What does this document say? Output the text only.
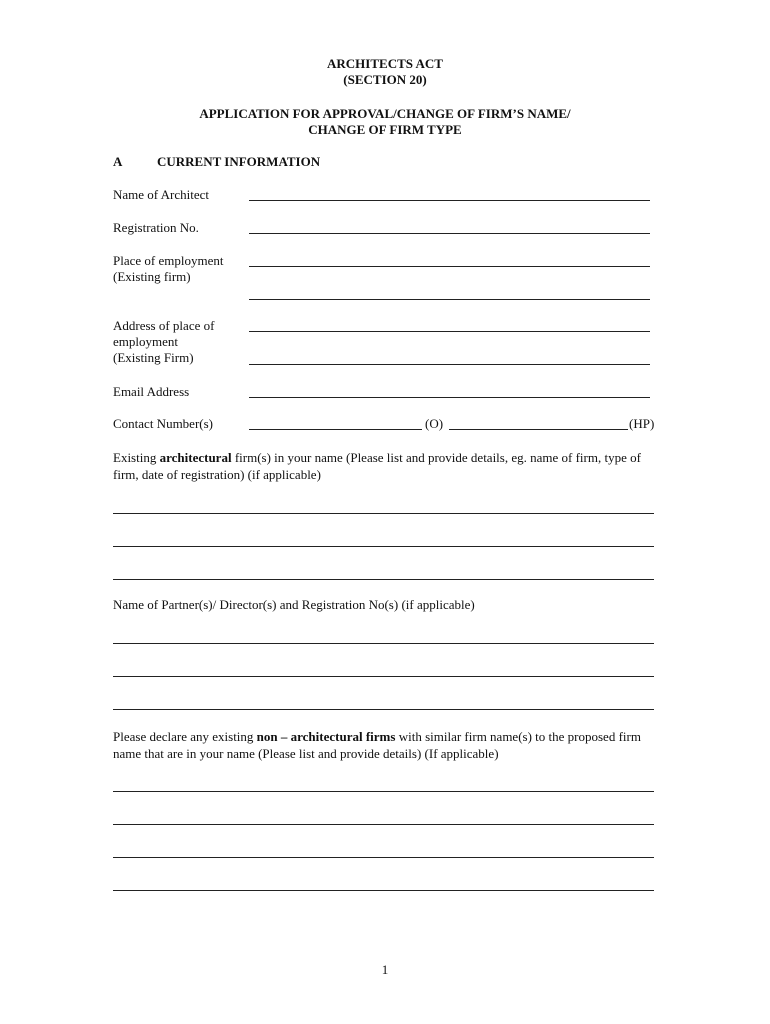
ARCHITECTS ACT
(SECTION 20)
APPLICATION FOR APPROVAL/CHANGE OF FIRM’S NAME/
CHANGE OF FIRM TYPE
A	CURRENT INFORMATION
Name of Architect
Registration No.
Place of employment
(Existing firm)
Address of place of
employment
(Existing Firm)
Email Address
Contact Number(s)	(O)	(HP)
Existing architectural firm(s) in your name (Please list and provide details, eg. name of firm, type of firm, date of registration) (if applicable)
Name of Partner(s)/ Director(s) and Registration No(s) (if applicable)
Please declare any existing non – architectural firms with similar firm name(s) to the proposed firm name that are in your name (Please list and provide details) (If applicable)
1
